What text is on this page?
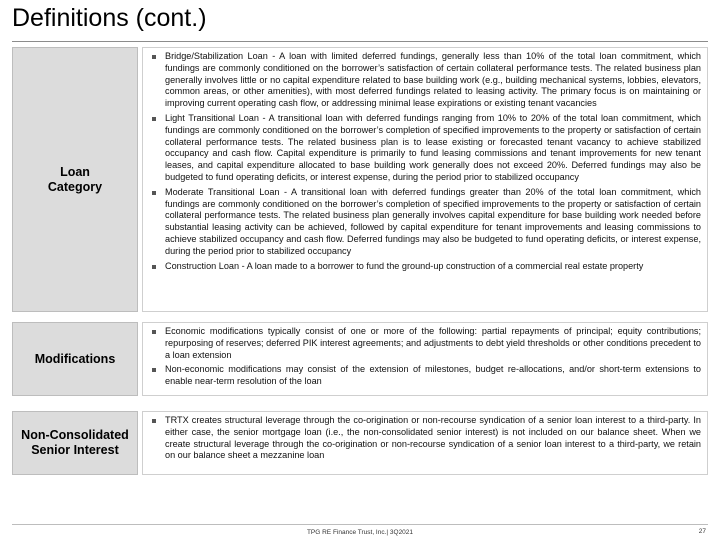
Definitions (cont.)
Loan
Category
Bridge/Stabilization Loan - A loan with limited deferred fundings, generally less than 10% of the total loan commitment, which fundings are commonly conditioned on the borrower’s satisfaction of certain collateral performance tests. The related business plan generally involves little or no capital expenditure related to base building work (e.g., building mechanical systems, lobbies, elevators, common areas, or other amenities), with most deferred fundings related to leasing activity. The primary focus is on maintaining or improving current operating cash flow, or addressing minimal lease expirations or existing tenant vacancies
Light Transitional Loan - A transitional loan with deferred fundings ranging from 10% to 20% of the total loan commitment, which fundings are commonly conditioned on the borrower’s completion of specified improvements to the property or satisfaction of certain collateral performance tests. The related business plan is to lease existing or forecasted tenant vacancy to achieve stabilized occupancy and cash flow. Capital expenditure is primarily to fund leasing commissions and tenant improvements for new tenant leases, and capital expenditure allocated to base building work generally does not exceed 20%. Deferred fundings may also be budgeted to fund operating deficits, or interest expense, during the period prior to stabilized occupancy
Moderate Transitional Loan - A transitional loan with deferred fundings greater than 20% of the total loan commitment, which fundings are commonly conditioned on the borrower’s completion of specified improvements to the property or satisfaction of certain collateral performance tests. The related business plan generally involves capital expenditure for base building work needed before substantial leasing activity can be achieved, followed by capital expenditure for tenant improvements and leasing commissions to achieve stabilized occupancy and cash flow. Deferred fundings may also be budgeted to fund operating deficits, or interest expense, during the period prior to stabilized occupancy
Construction Loan - A loan made to a borrower to fund the ground-up construction of a commercial real estate property
Modifications
Economic modifications typically consist of one or more of the following: partial repayments of principal; equity contributions; repurposing of reserves; deferred PIK interest agreements; and adjustments to debt yield thresholds or other conditions precedent to a loan extension
Non-economic modifications may consist of the extension of milestones, budget re-allocations, and/or short-term extensions to enable near-term resolution of the loan
Non-Consolidated
Senior Interest
TRTX creates structural leverage through the co-origination or non-recourse syndication of a senior loan interest to a third-party. In either case, the senior mortgage loan (i.e., the non-consolidated senior interest) is not included on our balance sheet. When we create structural leverage through the co-origination or non-recourse syndication of a senior loan interest to a third-party, we retain on our balance sheet a mezzanine loan
TPG RE Finance Trust, Inc.| 3Q2021	27
